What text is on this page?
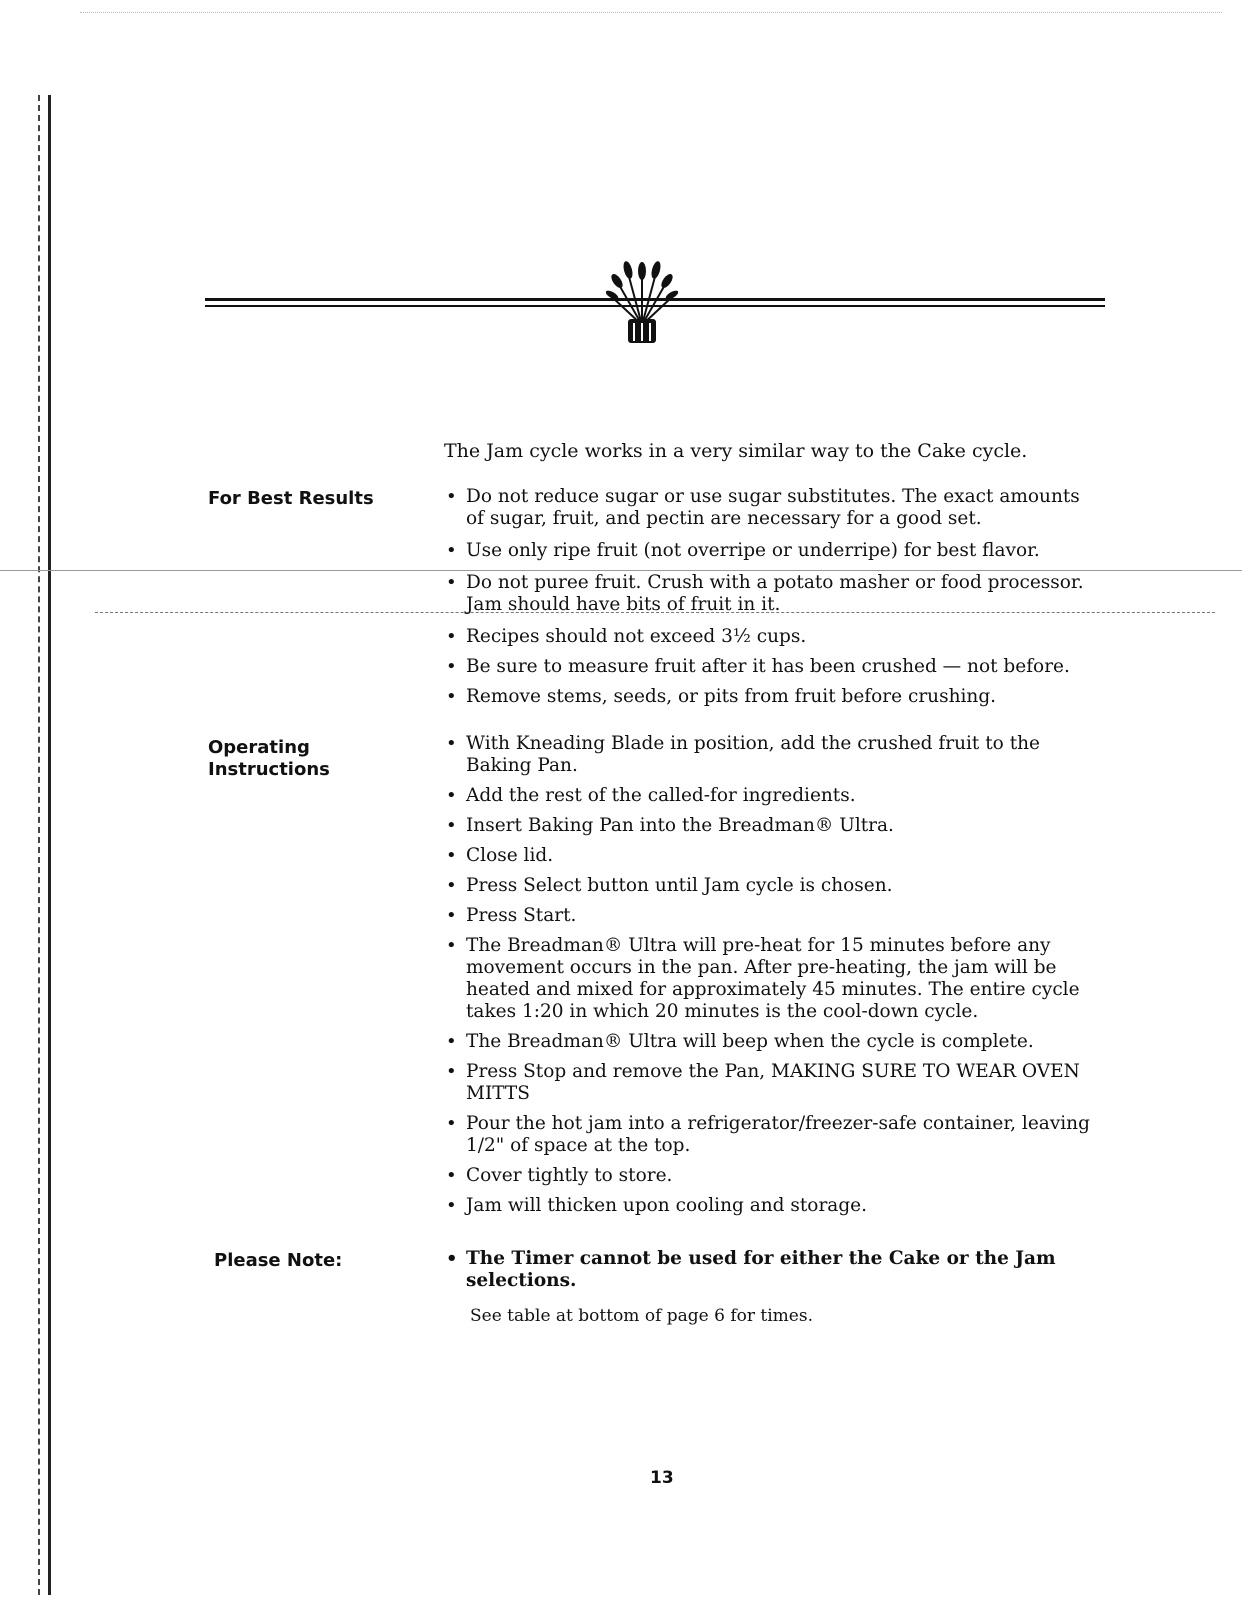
The Jam cycle works in a very similar way to the Cake cycle.
For Best Results	• Do not reduce sugar or use sugar substitutes. The exact amounts of sugar, fruit, and pectin are necessary for a good set.
• Use only ripe fruit (not overripe or underripe) for best flavor.
• Do not puree fruit. Crush with a potato masher or food processor. Jam should have bits of fruit in it.
• Recipes should not exceed 3½ cups.
• Be sure to measure fruit after it has been crushed — not before.
• Remove stems, seeds, or pits from fruit before crushing.
Operating
Instructions
• With Kneading Blade in position, add the crushed fruit to the Baking Pan.
• Add the rest of the called-for ingredients.
• Insert Baking Pan into the Breadman® Ultra.
• Close lid.
• Press Select button until Jam cycle is chosen.
• Press Start.
• The Breadman® Ultra will pre-heat for 15 minutes before any movement occurs in the pan. After pre-heating, the jam will be heated and mixed for approximately 45 minutes. The entire cycle takes 1:20 in which 20 minutes is the cool-down cycle.
• The Breadman® Ultra will beep when the cycle is complete.
• Press Stop and remove the Pan, MAKING SURE TO WEAR OVEN MITTS
• Pour the hot jam into a refrigerator/freezer-safe container, leaving 1/2" of space at the top.
• Cover tightly to store.
• Jam will thicken upon cooling and storage.
Please Note:	• The Timer cannot be used for either the Cake or the Jam selections.
See table at bottom of page 6 for times.
13
